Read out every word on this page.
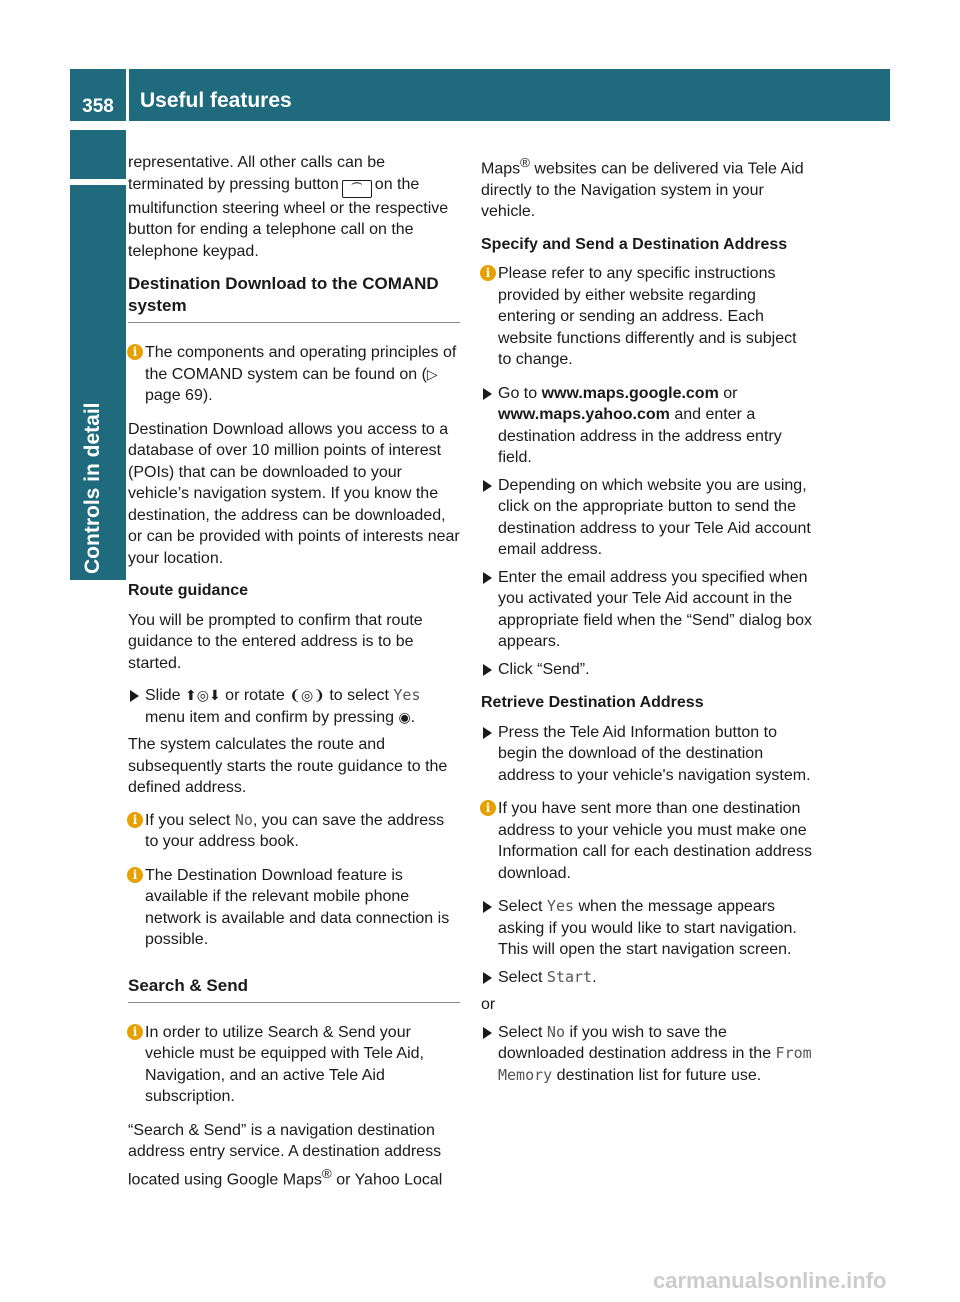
358	Useful features
Controls in detail

representative. All other calls can be terminated by pressing button ⏜ on the multifunction steering wheel or the respective button for ending a telephone call on the telephone keypad.

Destination Download to the COMAND system
i The components and operating principles of the COMAND system can be found on (▷ page 69).

Destination Download allows you access to a database of over 10 million points of interest (POIs) that can be downloaded to your vehicle’s navigation system. If you know the destination, the address can be downloaded, or can be provided with points of interests near your location.

Route guidance

You will be prompted to confirm that route guidance to the entered address is to be started.

Slide ⬆◎⬇ or rotate ❨◎❩ to select Yes
menu item and confirm by pressing ◉.

The system calculates the route and subsequently starts the route guidance to the defined address.

i If you select No, you can save the address to your address book.
i The Destination Download feature is available if the relevant mobile phone network is available and data connection is possible.
Search & Send
i In order to utilize Search & Send your vehicle must be equipped with Tele Aid, Navigation, and an active Tele Aid subscription.

“Search & Send” is a navigation destination address entry service. A destination address located using Google Maps® or Yahoo Local

Maps® websites can be delivered via Tele Aid directly to the Navigation system in your vehicle.

Specify and Send a Destination Address
i Please refer to any specific instructions provided by either website regarding entering or sending an address. Each website functions differently and is subject to change.
Go to www.maps.google.com or
www.maps.yahoo.com and enter a destination address in the address entry field.
Depending on which website you are using, click on the appropriate button to send the destination address to your Tele Aid account email address.
Enter the email address you specified when you activated your Tele Aid account in the appropriate field when the “Send” dialog box appears.
Click “Send”.
Retrieve Destination Address
Press the Tele Aid Information button to begin the download of the destination address to your vehicle's navigation system.
i If you have sent more than one destination address to your vehicle you must make one Information call for each destination address download.
Select Yes when the message appears asking if you would like to start navigation. This will open the start navigation screen.
Select Start.

or

Select No if you wish to save the downloaded destination address in the From Memory destination list for future use.
carmanualsonline.info
